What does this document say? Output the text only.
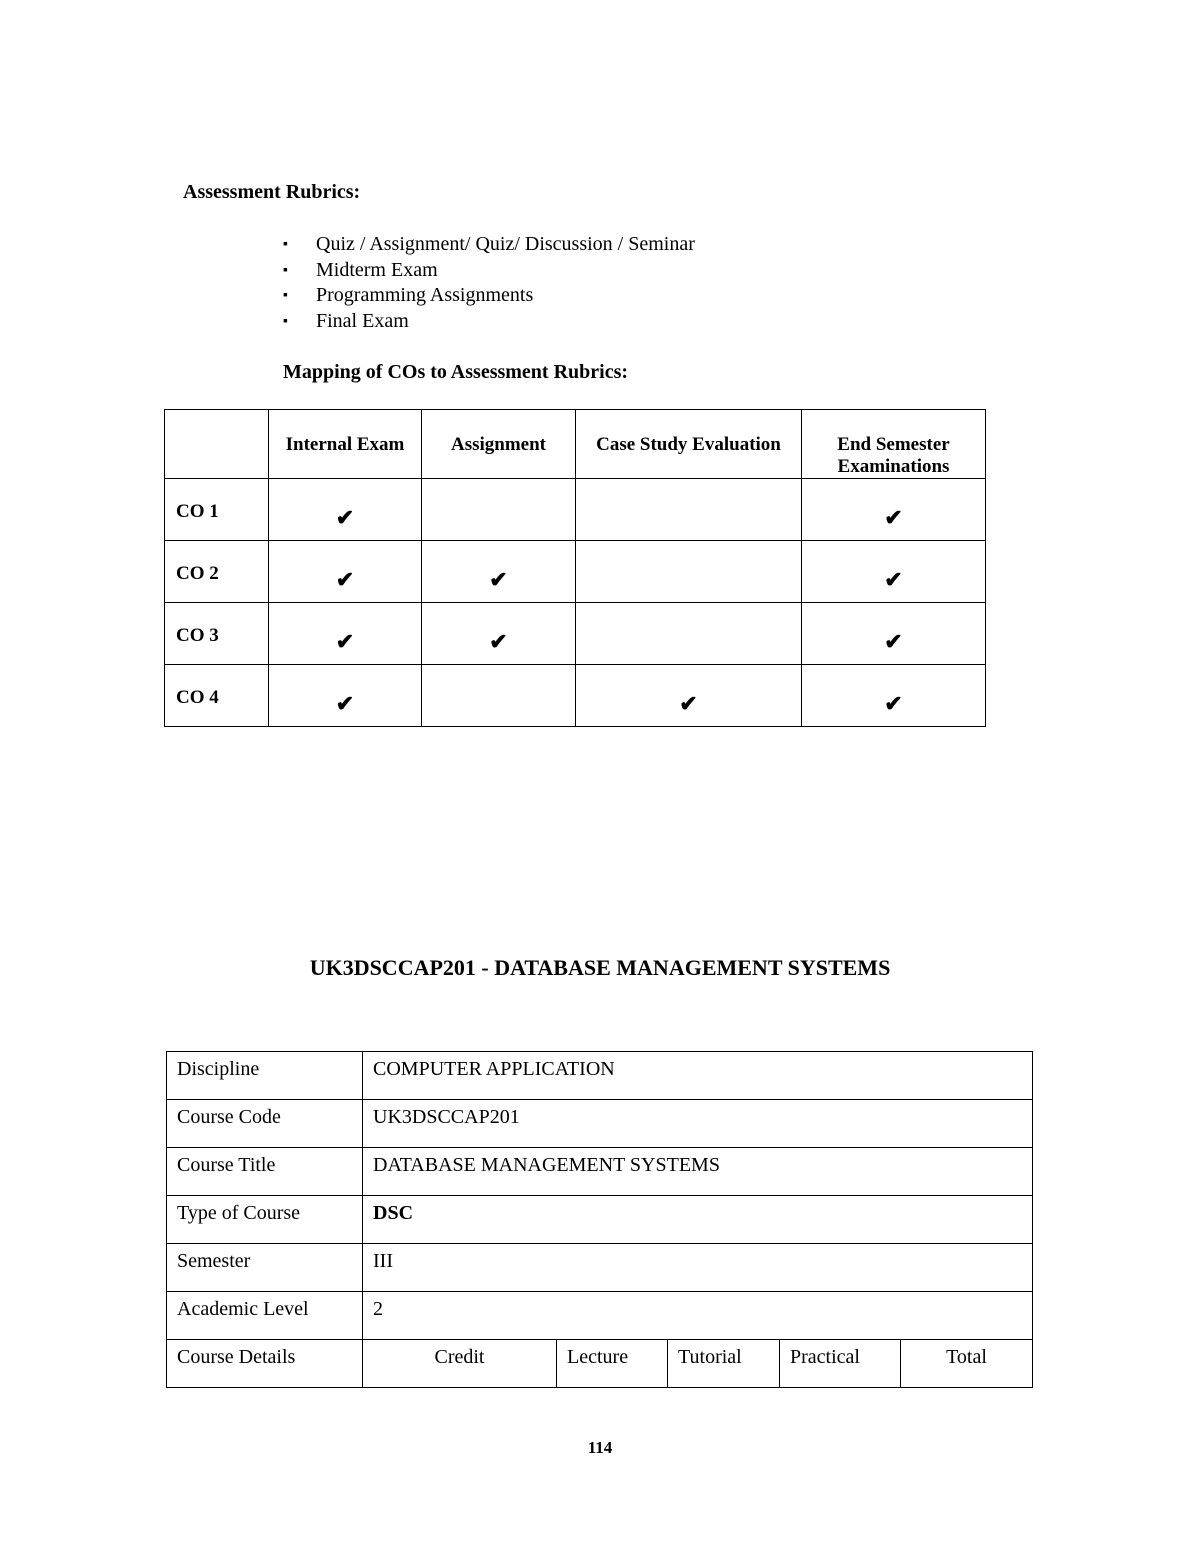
Assessment Rubrics:
▪ Quiz / Assignment/ Quiz/ Discussion / Seminar
▪ Midterm Exam
▪ Programming Assignments
▪ Final Exam
Mapping of COs to Assessment Rubrics:
	Internal Exam	Assignment	Case Study Evaluation	End Semester Examinations
CO 1	✔			✔
CO 2	✔	✔		✔
CO 3	✔	✔		✔
CO 4	✔		✔	✔
UK3DSCCAP201 - DATABASE MANAGEMENT SYSTEMS
Discipline	COMPUTER APPLICATION				
Course Code	UK3DSCCAP201				
Course Title	DATABASE MANAGEMENT SYSTEMS				
Type of Course	DSC				
Semester	III				
Academic Level	2				
Course Details	Credit	Lecture	Tutorial	Practical	Total
114
